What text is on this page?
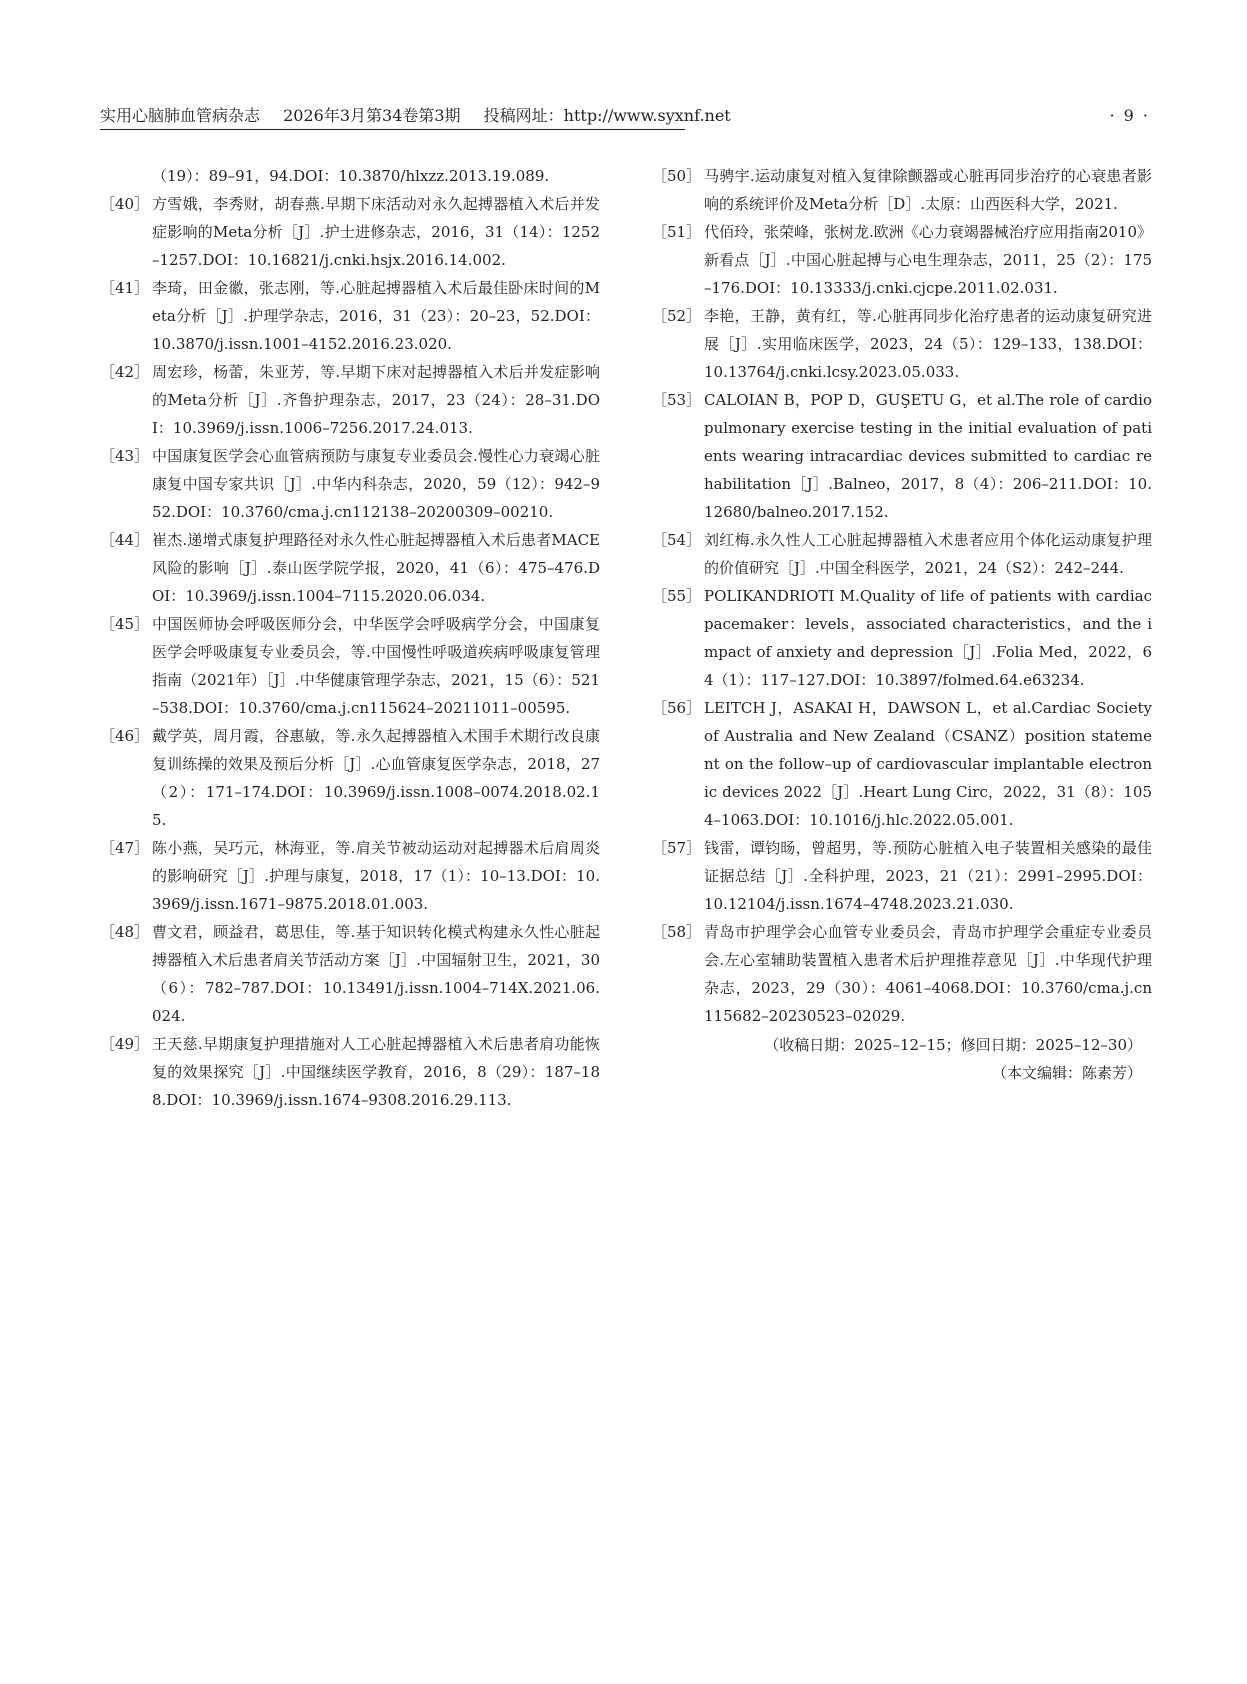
实用心脑肺血管病杂志 2026年3月第34卷第3期 投稿网址：http://www.syxnf.net	· 9 ·
（19）：89–91，94.DOI：10.3870/hlxzz.2013.19.089.
［40］ 方雪娥，李秀财，胡春燕.早期下床活动对永久起搏器植入术后并发症影响的Meta分析［J］.护士进修杂志，2016，31（14）：1252–1257.DOI：10.16821/j.cnki.hsjx.2016.14.002.
［41］ 李琦，田金徽，张志刚，等.心脏起搏器植入术后最佳卧床时间的Meta分析［J］.护理学杂志，2016，31（23）：20–23，52.DOI：10.3870/j.issn.1001–4152.2016.23.020.
［42］ 周宏珍，杨蕾，朱亚芳，等.早期下床对起搏器植入术后并发症影响的Meta分析［J］.齐鲁护理杂志，2017，23（24）：28–31.DOI：10.3969/j.issn.1006–7256.2017.24.013.
［43］ 中国康复医学会心血管病预防与康复专业委员会.慢性心力衰竭心脏康复中国专家共识［J］.中华内科杂志，2020，59（12）：942–952.DOI：10.3760/cma.j.cn112138–20200309–00210.
［44］ 崔杰.递增式康复护理路径对永久性心脏起搏器植入术后患者MACE风险的影响［J］.泰山医学院学报，2020，41（6）：475–476.DOI：10.3969/j.issn.1004–7115.2020.06.034.
［45］ 中国医师协会呼吸医师分会，中华医学会呼吸病学分会，中国康复医学会呼吸康复专业委员会，等.中国慢性呼吸道疾病呼吸康复管理指南（2021年）［J］.中华健康管理学杂志，2021，15（6）：521–538.DOI：10.3760/cma.j.cn115624–20211011–00595.
［46］ 戴学英，周月霞，谷惠敏，等.永久起搏器植入术围手术期行改良康复训练操的效果及预后分析［J］.心血管康复医学杂志，2018，27（2）：171–174.DOI：10.3969/j.issn.1008–0074.2018.02.15.
［47］ 陈小燕，吴巧元，林海亚，等.肩关节被动运动对起搏器术后肩周炎的影响研究［J］.护理与康复，2018，17（1）：10–13.DOI：10.3969/j.issn.1671–9875.2018.01.003.
［48］ 曹文君，顾益君，葛思佳，等.基于知识转化模式构建永久性心脏起搏器植入术后患者肩关节活动方案［J］.中国辐射卫生，2021，30（6）：782–787.DOI：10.13491/j.issn.1004–714X.2021.06.024.
［49］ 王天慈.早期康复护理措施对人工心脏起搏器植入术后患者肩功能恢复的效果探究［J］.中国继续医学教育，2016，8（29）：187–188.DOI：10.3969/j.issn.1674–9308.2016.29.113.
［50］ 马骋宇.运动康复对植入复律除颤器或心脏再同步治疗的心衰患者影响的系统评价及Meta分析［D］.太原：山西医科大学，2021.
［51］ 代佰玲，张荣峰，张树龙.欧洲《心力衰竭器械治疗应用指南2010》新看点［J］.中国心脏起搏与心电生理杂志，2011，25（2）：175–176.DOI：10.13333/j.cnki.cjcpe.2011.02.031.
［52］ 李艳，王静，黄有红，等.心脏再同步化治疗患者的运动康复研究进展［J］.实用临床医学，2023，24（5）：129–133，138.DOI：10.13764/j.cnki.lcsy.2023.05.033.
［53］ CALOIAN B，POP D，GUŞETU G，et al.The role of cardiopulmonary exercise testing in the initial evaluation of patients wearing intracardiac devices submitted to cardiac rehabilitation［J］.Balneo，2017，8（4）：206–211.DOI：10.12680/balneo.2017.152.
［54］ 刘红梅.永久性人工心脏起搏器植入术患者应用个体化运动康复护理的价值研究［J］.中国全科医学，2021，24（S2）：242–244.
［55］ POLIKANDRIOTI M.Quality of life of patients with cardiac pacemaker：levels，associated characteristics，and the impact of anxiety and depression［J］.Folia Med，2022，64（1）：117–127.DOI：10.3897/folmed.64.e63234.
［56］ LEITCH J，ASAKAI H，DAWSON L，et al.Cardiac Society of Australia and New Zealand（CSANZ）position statement on the follow–up of cardiovascular implantable electronic devices 2022［J］.Heart Lung Circ，2022，31（8）：1054–1063.DOI：10.1016/j.hlc.2022.05.001.
［57］ 钱雷，谭钧旸，曾超男，等.预防心脏植入电子装置相关感染的最佳证据总结［J］.全科护理，2023，21（21）：2991–2995.DOI：10.12104/j.issn.1674–4748.2023.21.030.
［58］ 青岛市护理学会心血管专业委员会，青岛市护理学会重症专业委员会.左心室辅助装置植入患者术后护理推荐意见［J］.中华现代护理杂志，2023，29（30）：4061–4068.DOI：10.3760/cma.j.cn115682–20230523–02029.
（收稿日期：2025–12–15；修回日期：2025–12–30）
（本文编辑：陈素芳）
